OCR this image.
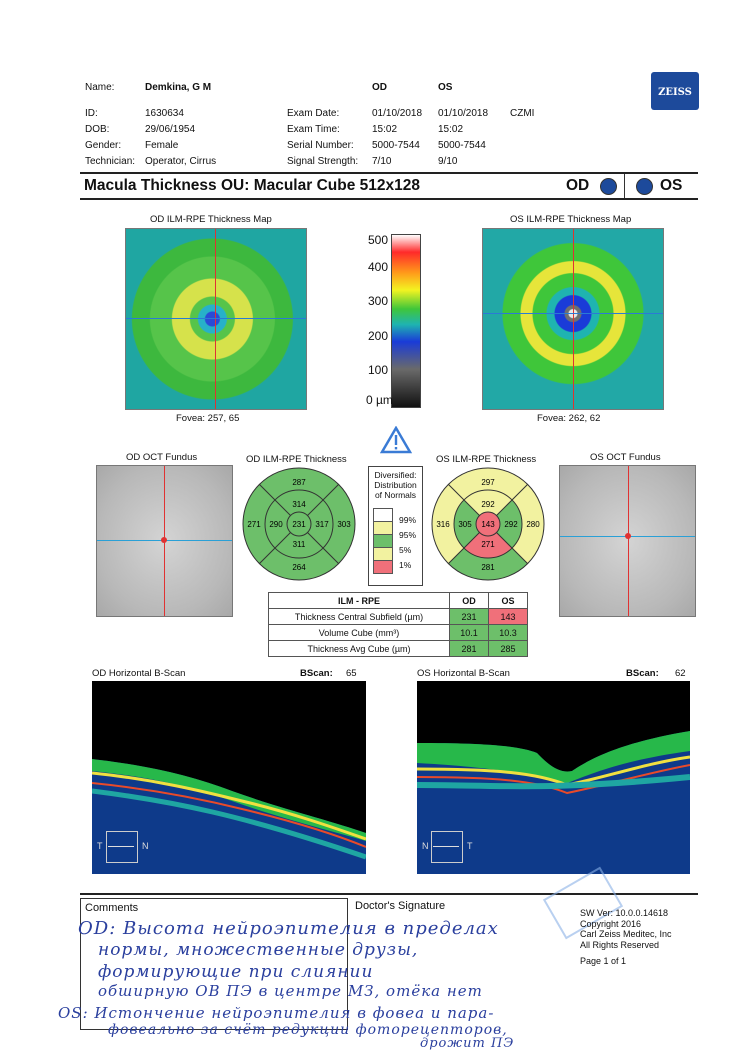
ZEISS
Name:	Demkina, G M
ID:	1630634
DOB:	29/06/1954
Gender: Female
Technician: Operator, Cirrus
OD	OS
Exam Date:	01/10/2018 01/10/2018 CZMI
Exam Time:	15:02	15:02
Serial Number: 5000-7544 5000-7544
Signal Strength: 7/10	9/10
Macula Thickness OU: Macular Cube 512x128	OD	OS
OD ILM-RPE Thickness Map
Fovea: 257, 65
500
400
300
200
100
0 µm
OS ILM-RPE Thickness Map
Fovea: 262, 62
OD OCT Fundus	OD ILM-RPE Thickness
231
314
290	317
311
287
271	303
264
Diversified:
Distribution
of Normals
99%
95%
5%
1%
OS ILM-RPE Thickness
143
292
305	292
271
297
316	280
281
OS OCT Fundus
ILM - RPE	OD	OS
Thickness Central Subfield (µm)	231	143
Volume Cube (mm³)	10.1	10.3
Thickness Avg Cube (µm)	281	285
OD Horizontal B-Scan	BScan: 65
T	N
OS Horizontal B-Scan	BScan: 62
N	T
Comments	Doctor's Signature
SW Ver: 10.0.0.14618
Copyright 2016
Carl Zeiss Meditec, Inc
All Rights Reserved
Page 1 of 1
OD: Высота нейроэпителия в пределах
нормы, множественные друзы,
формирующие при слиянии
обширную ОВ ПЭ в центре МЗ, отёка нет
OS: Истончение нейроэпителия в фовеа и пара-
фовеально за счёт редукции фоторецепторов,
дрожит ПЭ
